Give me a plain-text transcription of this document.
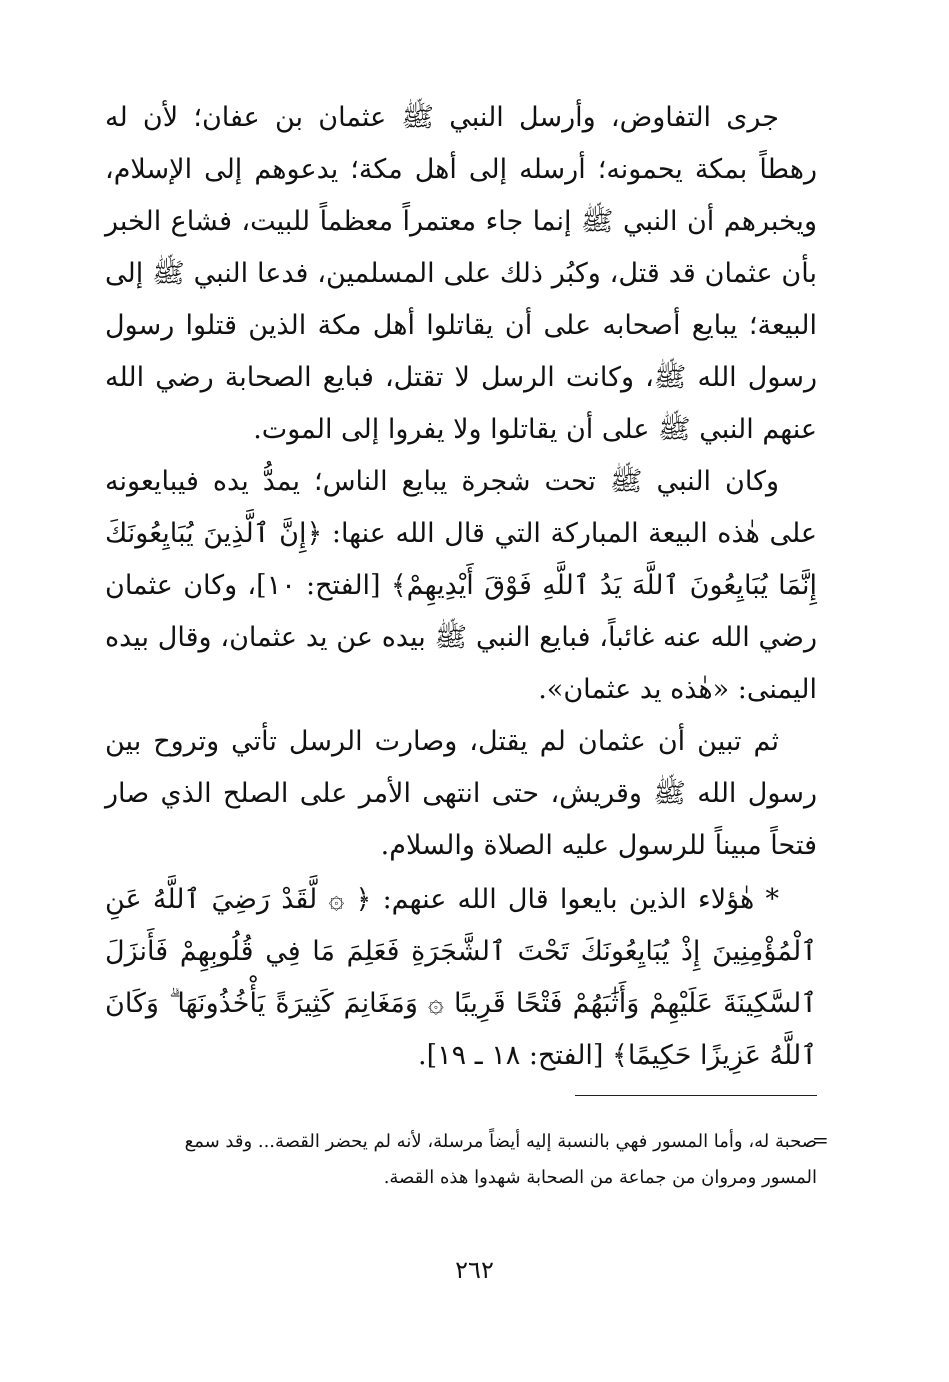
جرى التفاوض، وأرسل النبي ﷺ عثمان بن عفان؛ لأن له رهطاً بمكة يحمونه؛ أرسله إلى أهل مكة؛ يدعوهم إلى الإسلام، ويخبرهم أن النبي ﷺ إنما جاء معتمراً معظماً للبيت، فشاع الخبر بأن عثمان قد قتل، وكبُر ذلك على المسلمين، فدعا النبي ﷺ إلى البيعة؛ يبايع أصحابه على أن يقاتلوا أهل مكة الذين قتلوا رسول رسول الله ﷺ، وكانت الرسل لا تقتل، فبايع الصحابة رضي الله عنهم النبي ﷺ على أن يقاتلوا ولا يفروا إلى الموت.

وكان النبي ﷺ تحت شجرة يبايع الناس؛ يمدُّ يده فيبايعونه على هٰذه البيعة المباركة التي قال الله عنها: ﴿إِنَّ ٱلَّذِينَ يُبَايِعُونَكَ إِنَّمَا يُبَايِعُونَ ٱللَّهَ يَدُ ٱللَّهِ فَوْقَ أَيْدِيهِمْ﴾ [الفتح: ١٠]، وكان عثمان رضي الله عنه غائباً، فبايع النبي ﷺ بيده عن يد عثمان، وقال بيده اليمنى: «هٰذه يد عثمان».

ثم تبين أن عثمان لم يقتل، وصارت الرسل تأتي وتروح بين رسول الله ﷺ وقريش، حتى انتهى الأمر على الصلح الذي صار فتحاً مبيناً للرسول عليه الصلاة والسلام.

* هٰؤلاء الذين بايعوا قال الله عنهم: ﴿ ۞ لَّقَدْ رَضِيَ ٱللَّهُ عَنِ ٱلْمُؤْمِنِينَ إِذْ يُبَايِعُونَكَ تَحْتَ ٱلشَّجَرَةِ فَعَلِمَ مَا فِي قُلُوبِهِمْ فَأَنزَلَ ٱلسَّكِينَةَ عَلَيْهِمْ وَأَثَٰبَهُمْ فَتْحًا قَرِيبًا ۞ وَمَغَانِمَ كَثِيرَةً يَأْخُذُونَهَا ۗ وَكَانَ ٱللَّهُ عَزِيزًا حَكِيمًا﴾ [الفتح: ١٨ ـ ١٩].

=

صحبة له، وأما المسور فهي بالنسبة إليه أيضاً مرسلة، لأنه لم يحضر القصة... وقد سمع المسور ومروان من جماعة من الصحابة شهدوا هذه القصة.

٢٦٢
